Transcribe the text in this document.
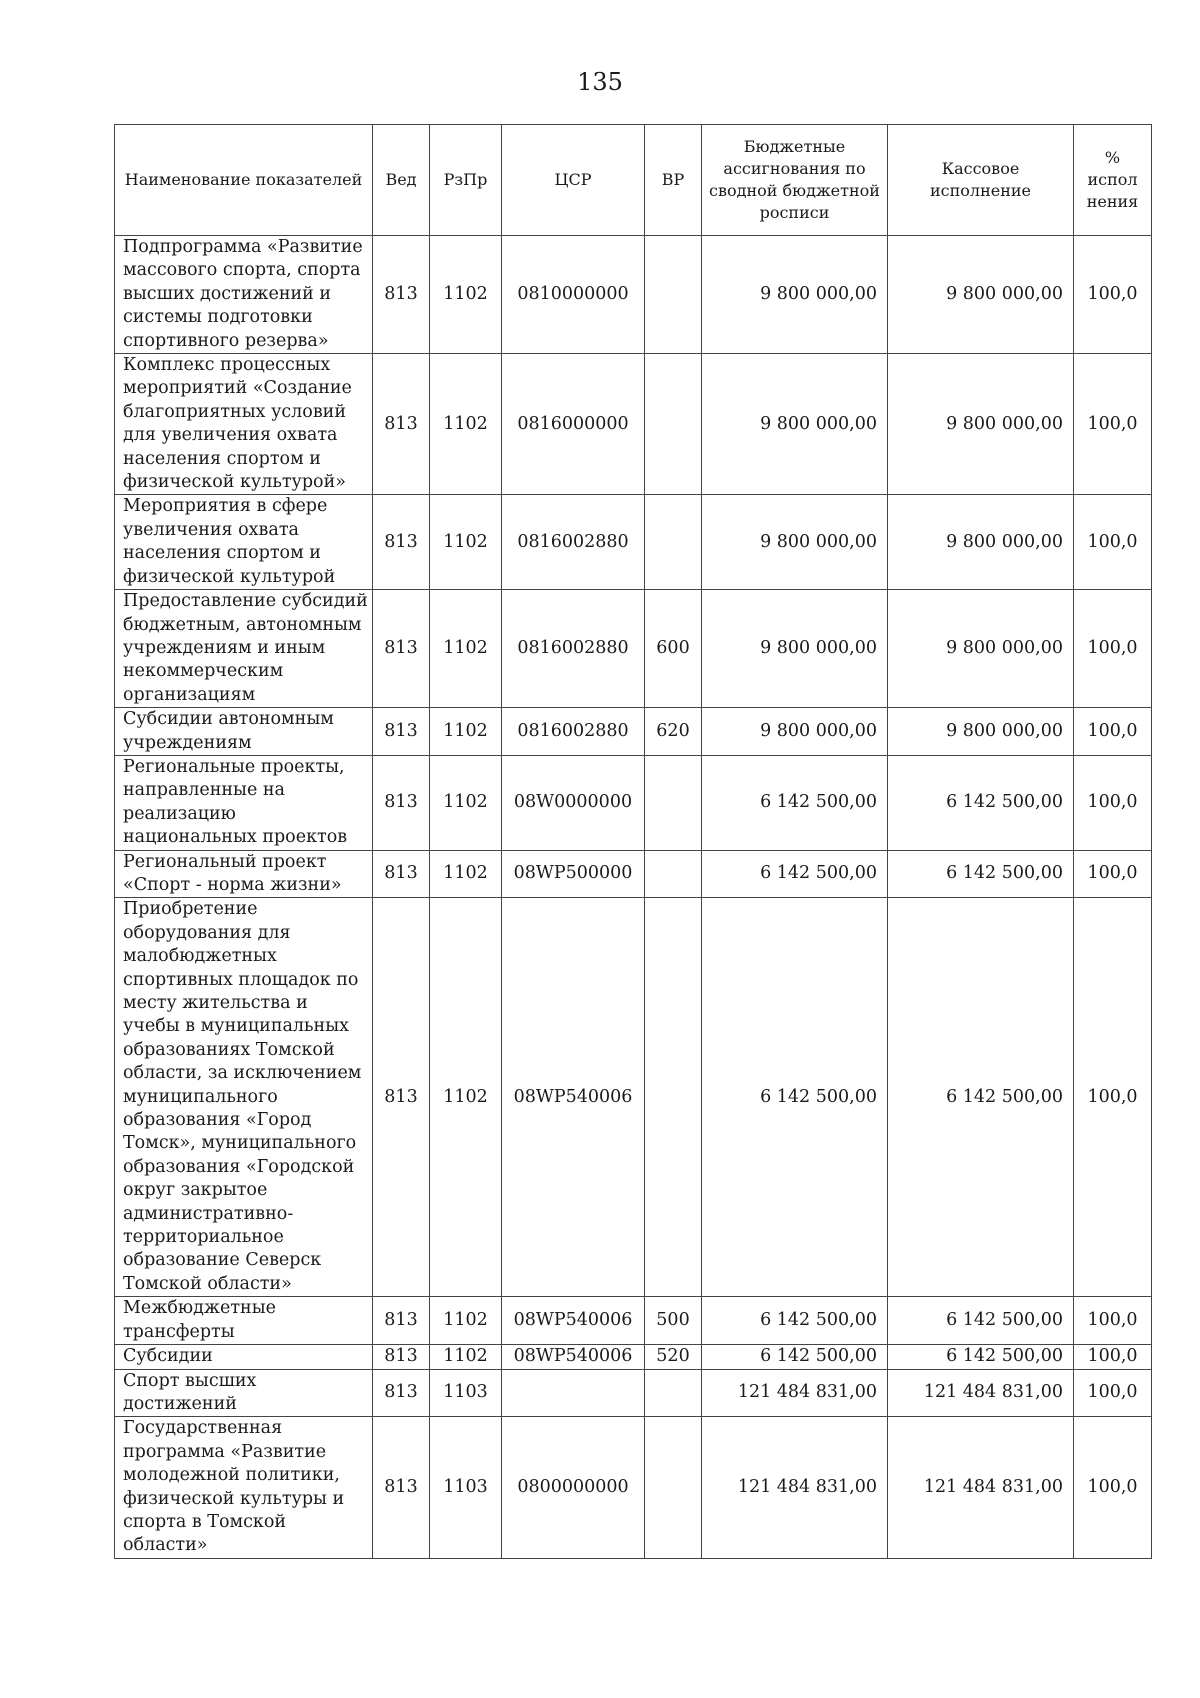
135
Наименование показателей	Вед	РзПр	ЦСР	ВР	Бюджетные ассигнования по сводной бюджетной росписи	Кассовое исполнение	% испол нения
Подпрограмма «Развитие массового спорта, спорта высших достижений и системы подготовки спортивного резерва»	813	1102	0810000000		9 800 000,00	9 800 000,00	100,0
Комплекс процессных мероприятий «Создание благоприятных условий для увеличения охвата населения спортом и физической культурой»	813	1102	0816000000		9 800 000,00	9 800 000,00	100,0
Мероприятия в сфере увеличения охвата населения спортом и физической культурой	813	1102	0816002880		9 800 000,00	9 800 000,00	100,0
Предоставление субсидий бюджетным, автономным учреждениям и иным некоммерческим организациям	813	1102	0816002880	600	9 800 000,00	9 800 000,00	100,0
Субсидии автономным учреждениям	813	1102	0816002880	620	9 800 000,00	9 800 000,00	100,0
Региональные проекты, направленные на реализацию национальных проектов	813	1102	08W0000000		6 142 500,00	6 142 500,00	100,0
Региональный проект «Спорт - норма жизни»	813	1102	08WP500000		6 142 500,00	6 142 500,00	100,0
Приобретение оборудования для малобюджетных спортивных площадок по месту жительства и учебы в муниципальных образованиях Томской области, за исключением муниципального образования «Город Томск», муниципального образования «Городской округ закрытое административно-территориальное образование Северск Томской области»	813	1102	08WP540006		6 142 500,00	6 142 500,00	100,0
Межбюджетные трансферты	813	1102	08WP540006	500	6 142 500,00	6 142 500,00	100,0
Субсидии	813	1102	08WP540006	520	6 142 500,00	6 142 500,00	100,0
Спорт высших достижений	813	1103			121 484 831,00	121 484 831,00	100,0
Государственная программа «Развитие молодежной политики, физической культуры и спорта в Томской области»	813	1103	0800000000		121 484 831,00	121 484 831,00	100,0
